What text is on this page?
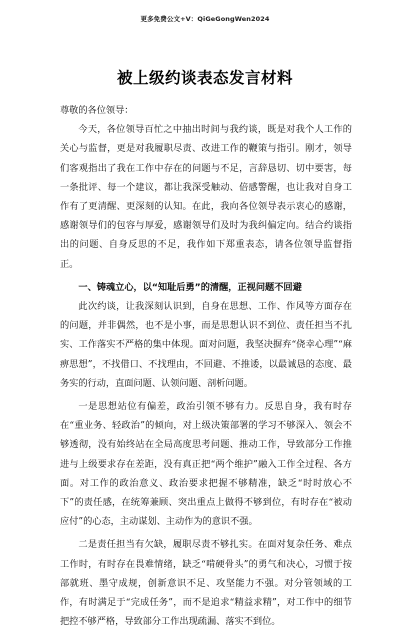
更多免费公文+V：QiGeGongWen2024
被上级约谈表态发言材料

尊敬的各位领导：

今天，各位领导百忙之中抽出时间与我约谈，既是对我个人工作的关心与监督，更是对我履职尽责、改进工作的鞭策与指引。刚才，领导们客观指出了我在工作中存在的问题与不足，言辞恳切、切中要害，每一条批评、每一个建议，都让我深受触动、倍感警醒，也让我对自身工作有了更清醒、更深刻的认知。在此，我向各位领导表示衷心的感谢，感谢领导们的包容与厚爱，感谢领导们及时为我纠偏定向。结合约谈指出的问题、自身反思的不足，我作如下郑重表态，请各位领导监督指正。

一、铸魂立心，以“知耻后勇”的清醒，正视问题不回避

此次约谈，让我深刻认识到，自身在思想、工作、作风等方面存在的问题，并非偶然，也不是小事，而是思想认识不到位、责任担当不扎实、工作落实不严格的集中体现。面对问题，我坚决摒弃“侥幸心理”“麻痹思想”，不找借口、不找理由，不回避、不推诿，以最诚恳的态度、最务实的行动，直面问题、认领问题、剖析问题。

一是思想站位有偏差，政治引领不够有力。反思自身，我有时存在“重业务、轻政治”的倾向，对上级决策部署的学习不够深入、领会不够透彻，没有始终站在全局高度思考问题、推动工作，导致部分工作推进与上级要求存在差距，没有真正把“两个维护”融入工作全过程、各方面。对工作的政治意义、政治要求把握不够精准，缺乏“时时放心不下”的责任感，在统筹兼顾、突出重点上做得不够到位，有时存在“被动应付”的心态，主动谋划、主动作为的意识不强。

二是责任担当有欠缺，履职尽责不够扎实。在面对复杂任务、难点工作时，有时存在畏难情绪，缺乏“啃硬骨头”的勇气和决心，习惯于按部就班、墨守成规，创新意识不足、攻坚能力不强。对分管领域的工作，有时满足于“完成任务”，而不是追求“精益求精”，对工作中的细节把控不够严格，导致部分工作出现疏漏、落实不到位。
